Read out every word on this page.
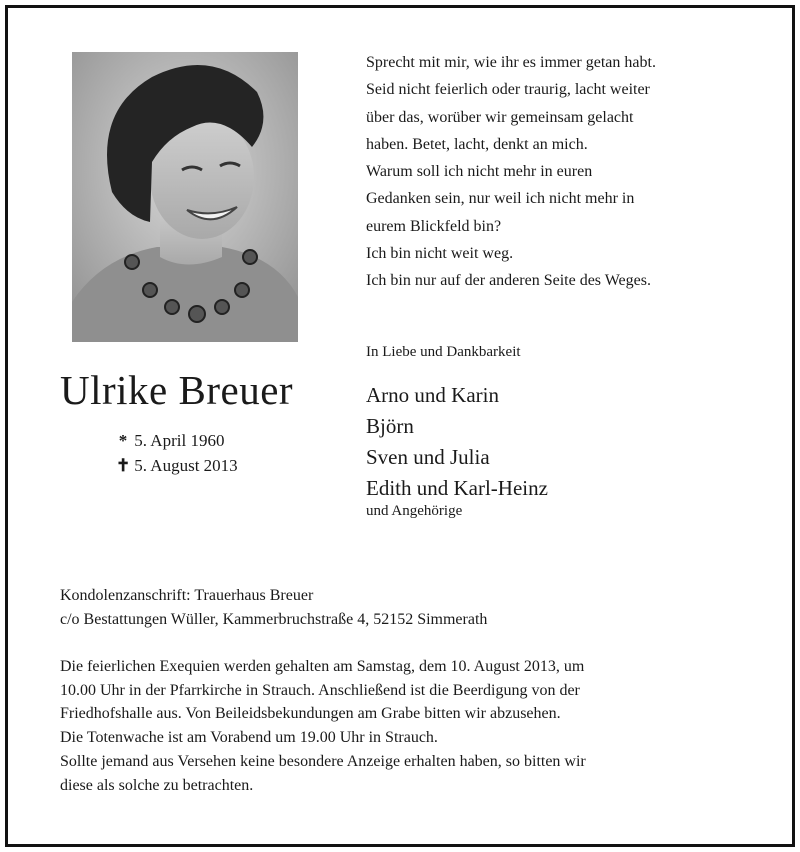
Sprecht mit mir, wie ihr es immer getan habt.
Seid nicht feierlich oder traurig, lacht weiter
über das, worüber wir gemeinsam gelacht
haben. Betet, lacht, denkt an mich.
Warum soll ich nicht mehr in euren
Gedanken sein, nur weil ich nicht mehr in
eurem Blickfeld bin?
Ich bin nicht weit weg.
Ich bin nur auf der anderen Seite des Weges.
In Liebe und Dankbarkeit
Ulrike Breuer
* 5. April 1960
✝ 5. August 2013
Arno und Karin
Björn
Sven und Julia
Edith und Karl-Heinz
und Angehörige
Kondolenzanschrift: Trauerhaus Breuer
c/o Bestattungen Wüller, Kammerbruchstraße 4, 52152 Simmerath
Die feierlichen Exequien werden gehalten am Samstag, dem 10. August 2013, um
10.00 Uhr in der Pfarrkirche in Strauch. Anschließend ist die Beerdigung von der
Friedhofshalle aus. Von Beileidsbekundungen am Grabe bitten wir abzusehen.
Die Totenwache ist am Vorabend um 19.00 Uhr in Strauch.
Sollte jemand aus Versehen keine besondere Anzeige erhalten haben, so bitten wir
diese als solche zu betrachten.
